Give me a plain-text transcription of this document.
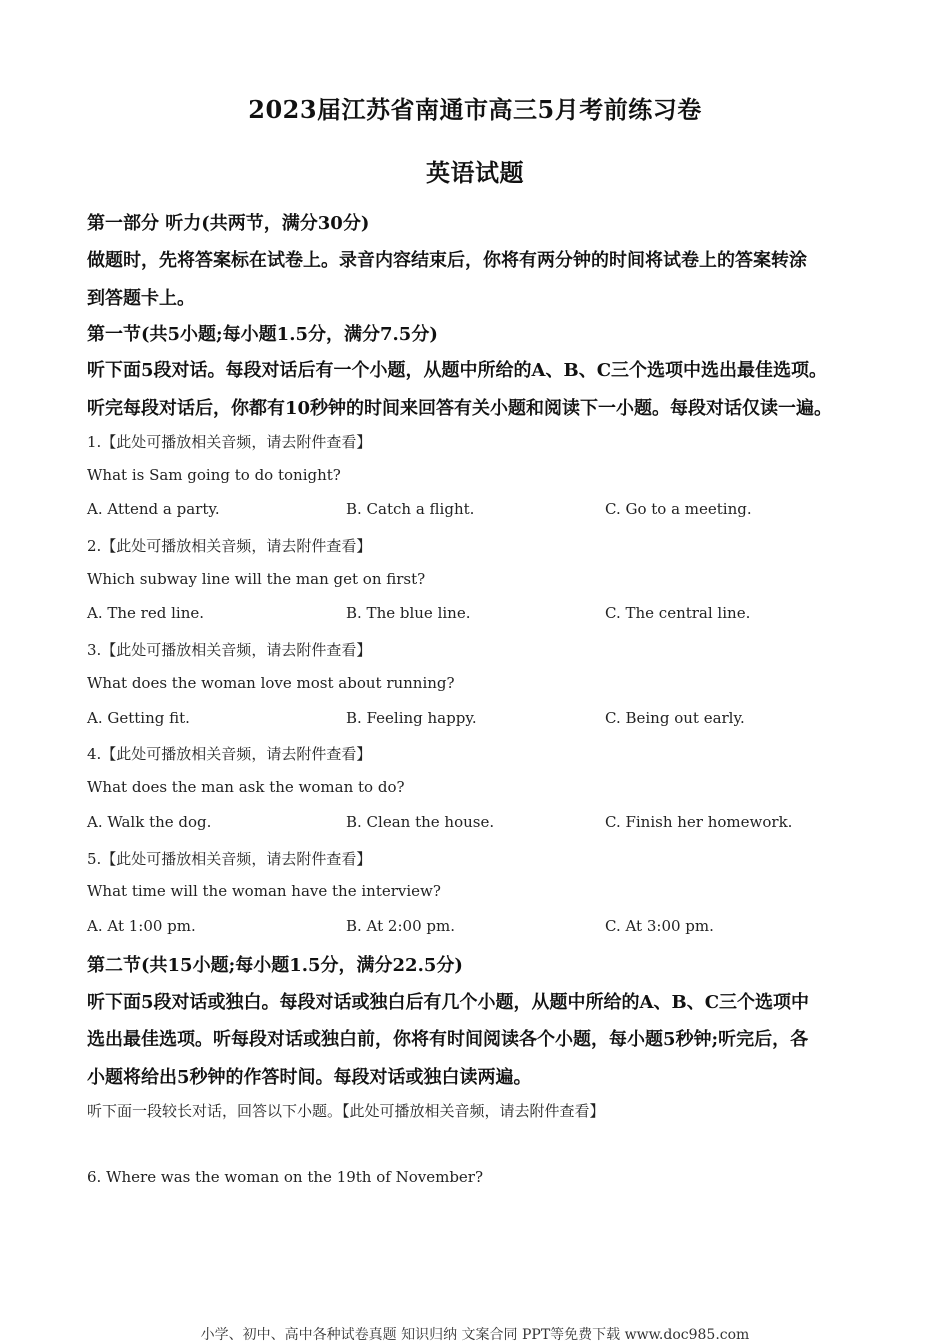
2023届江苏省南通市高三5月考前练习卷
英语试题
第一部分 听力(共两节，满分30分)
做题时，先将答案标在试卷上。录音内容结束后，你将有两分钟的时间将试卷上的答案转涂
到答题卡上。
第一节(共5小题;每小题1.5分，满分7.5分)
听下面5段对话。每段对话后有一个小题，从题中所给的A、B、C三个选项中选出最佳选项。
听完每段对话后，你都有10秒钟的时间来回答有关小题和阅读下一小题。每段对话仅读一遍。
1.【此处可播放相关音频，请去附件查看】
What is Sam going to do tonight?
A. Attend a party.	B. Catch a flight.	C. Go to a meeting.
2.【此处可播放相关音频，请去附件查看】
Which subway line will the man get on first?
A. The red line.	B. The blue line.	C. The central line.
3.【此处可播放相关音频，请去附件查看】
What does the woman love most about running?
A. Getting fit.	B. Feeling happy.	C. Being out early.
4.【此处可播放相关音频，请去附件查看】
What does the man ask the woman to do?
A. Walk the dog.	B. Clean the house.	C. Finish her homework.
5.【此处可播放相关音频，请去附件查看】
What time will the woman have the interview?
A. At 1:00 pm.	B. At 2:00 pm.	C. At 3:00 pm.
第二节(共15小题;每小题1.5分，满分22.5分)
听下面5段对话或独白。每段对话或独白后有几个小题，从题中所给的A、B、C三个选项中
选出最佳选项。听每段对话或独白前，你将有时间阅读各个小题，每小题5秒钟;听完后，各
小题将给出5秒钟的作答时间。每段对话或独白读两遍。
听下面一段较长对话，回答以下小题。【此处可播放相关音频，请去附件查看】
6. Where was the woman on the 19th of November?
小学、初中、高中各种试卷真题 知识归纳 文案合同 PPT等免费下载 www.doc985.com
